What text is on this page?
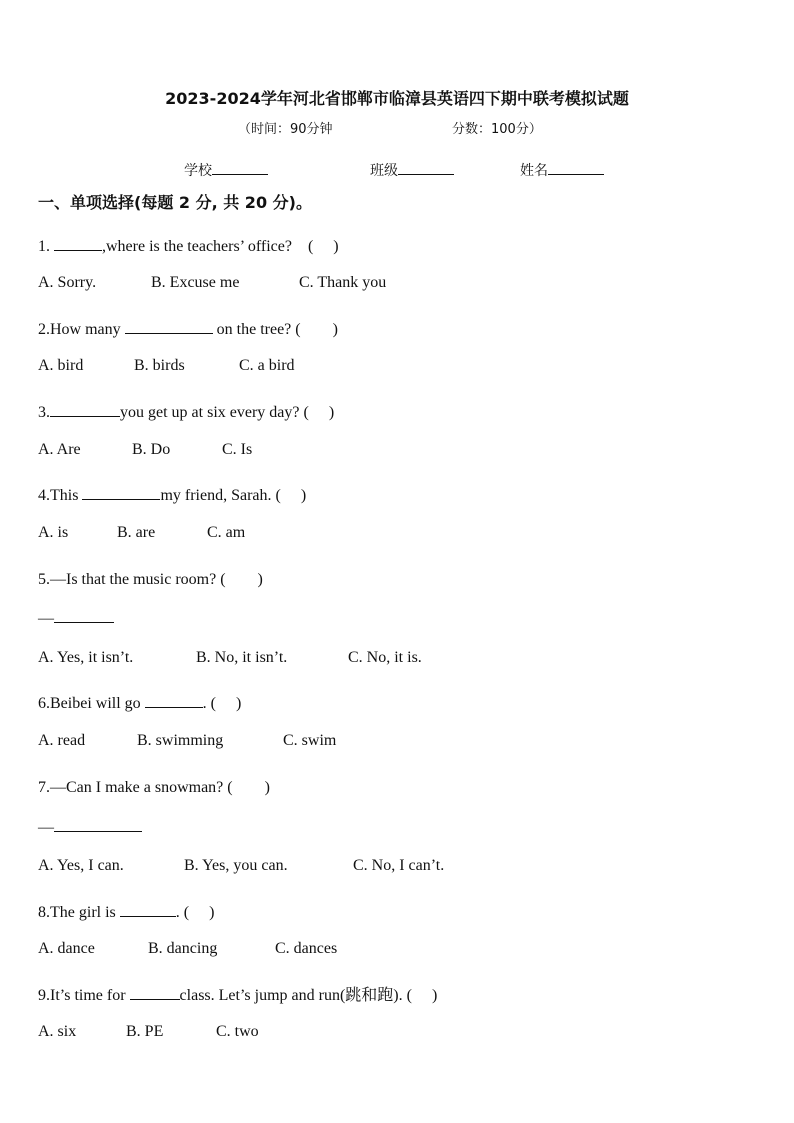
2023-2024学年河北省邯郸市临漳县英语四下期中联考模拟试题
（时间：90分钟	分数：100分）
学校	班级	姓名
一、单项选择(每题 2 分, 共 20 分)。
1.	,where is the teachers’ office? (　 )
A. Sorry.	B. Excuse me	C. Thank you
2.How many	on the tree? (　　)
A. bird	B. birds	C. a bird
3.	you get up at six every day? (　 )
A. Are	B. Do	C. Is
4.This	my friend, Sarah. (　 )
A. is	B. are	C. am
5.—Is that the music room? (　　)
—
A. Yes, it isn’t.	B. No, it isn’t.	C. No, it is.
6.Beibei will go	. (　 )
A. read	B. swimming	C. swim
7.—Can I make a snowman? (　　)
—
A. Yes, I can.	B. Yes, you can.	C. No, I can’t.
8.The girl is	. (　 )
A. dance	B. dancing	C. dances
9.It’s time for	class. Let’s jump and run(跳和跑). (　 )
A. six	B. PE	C. two
